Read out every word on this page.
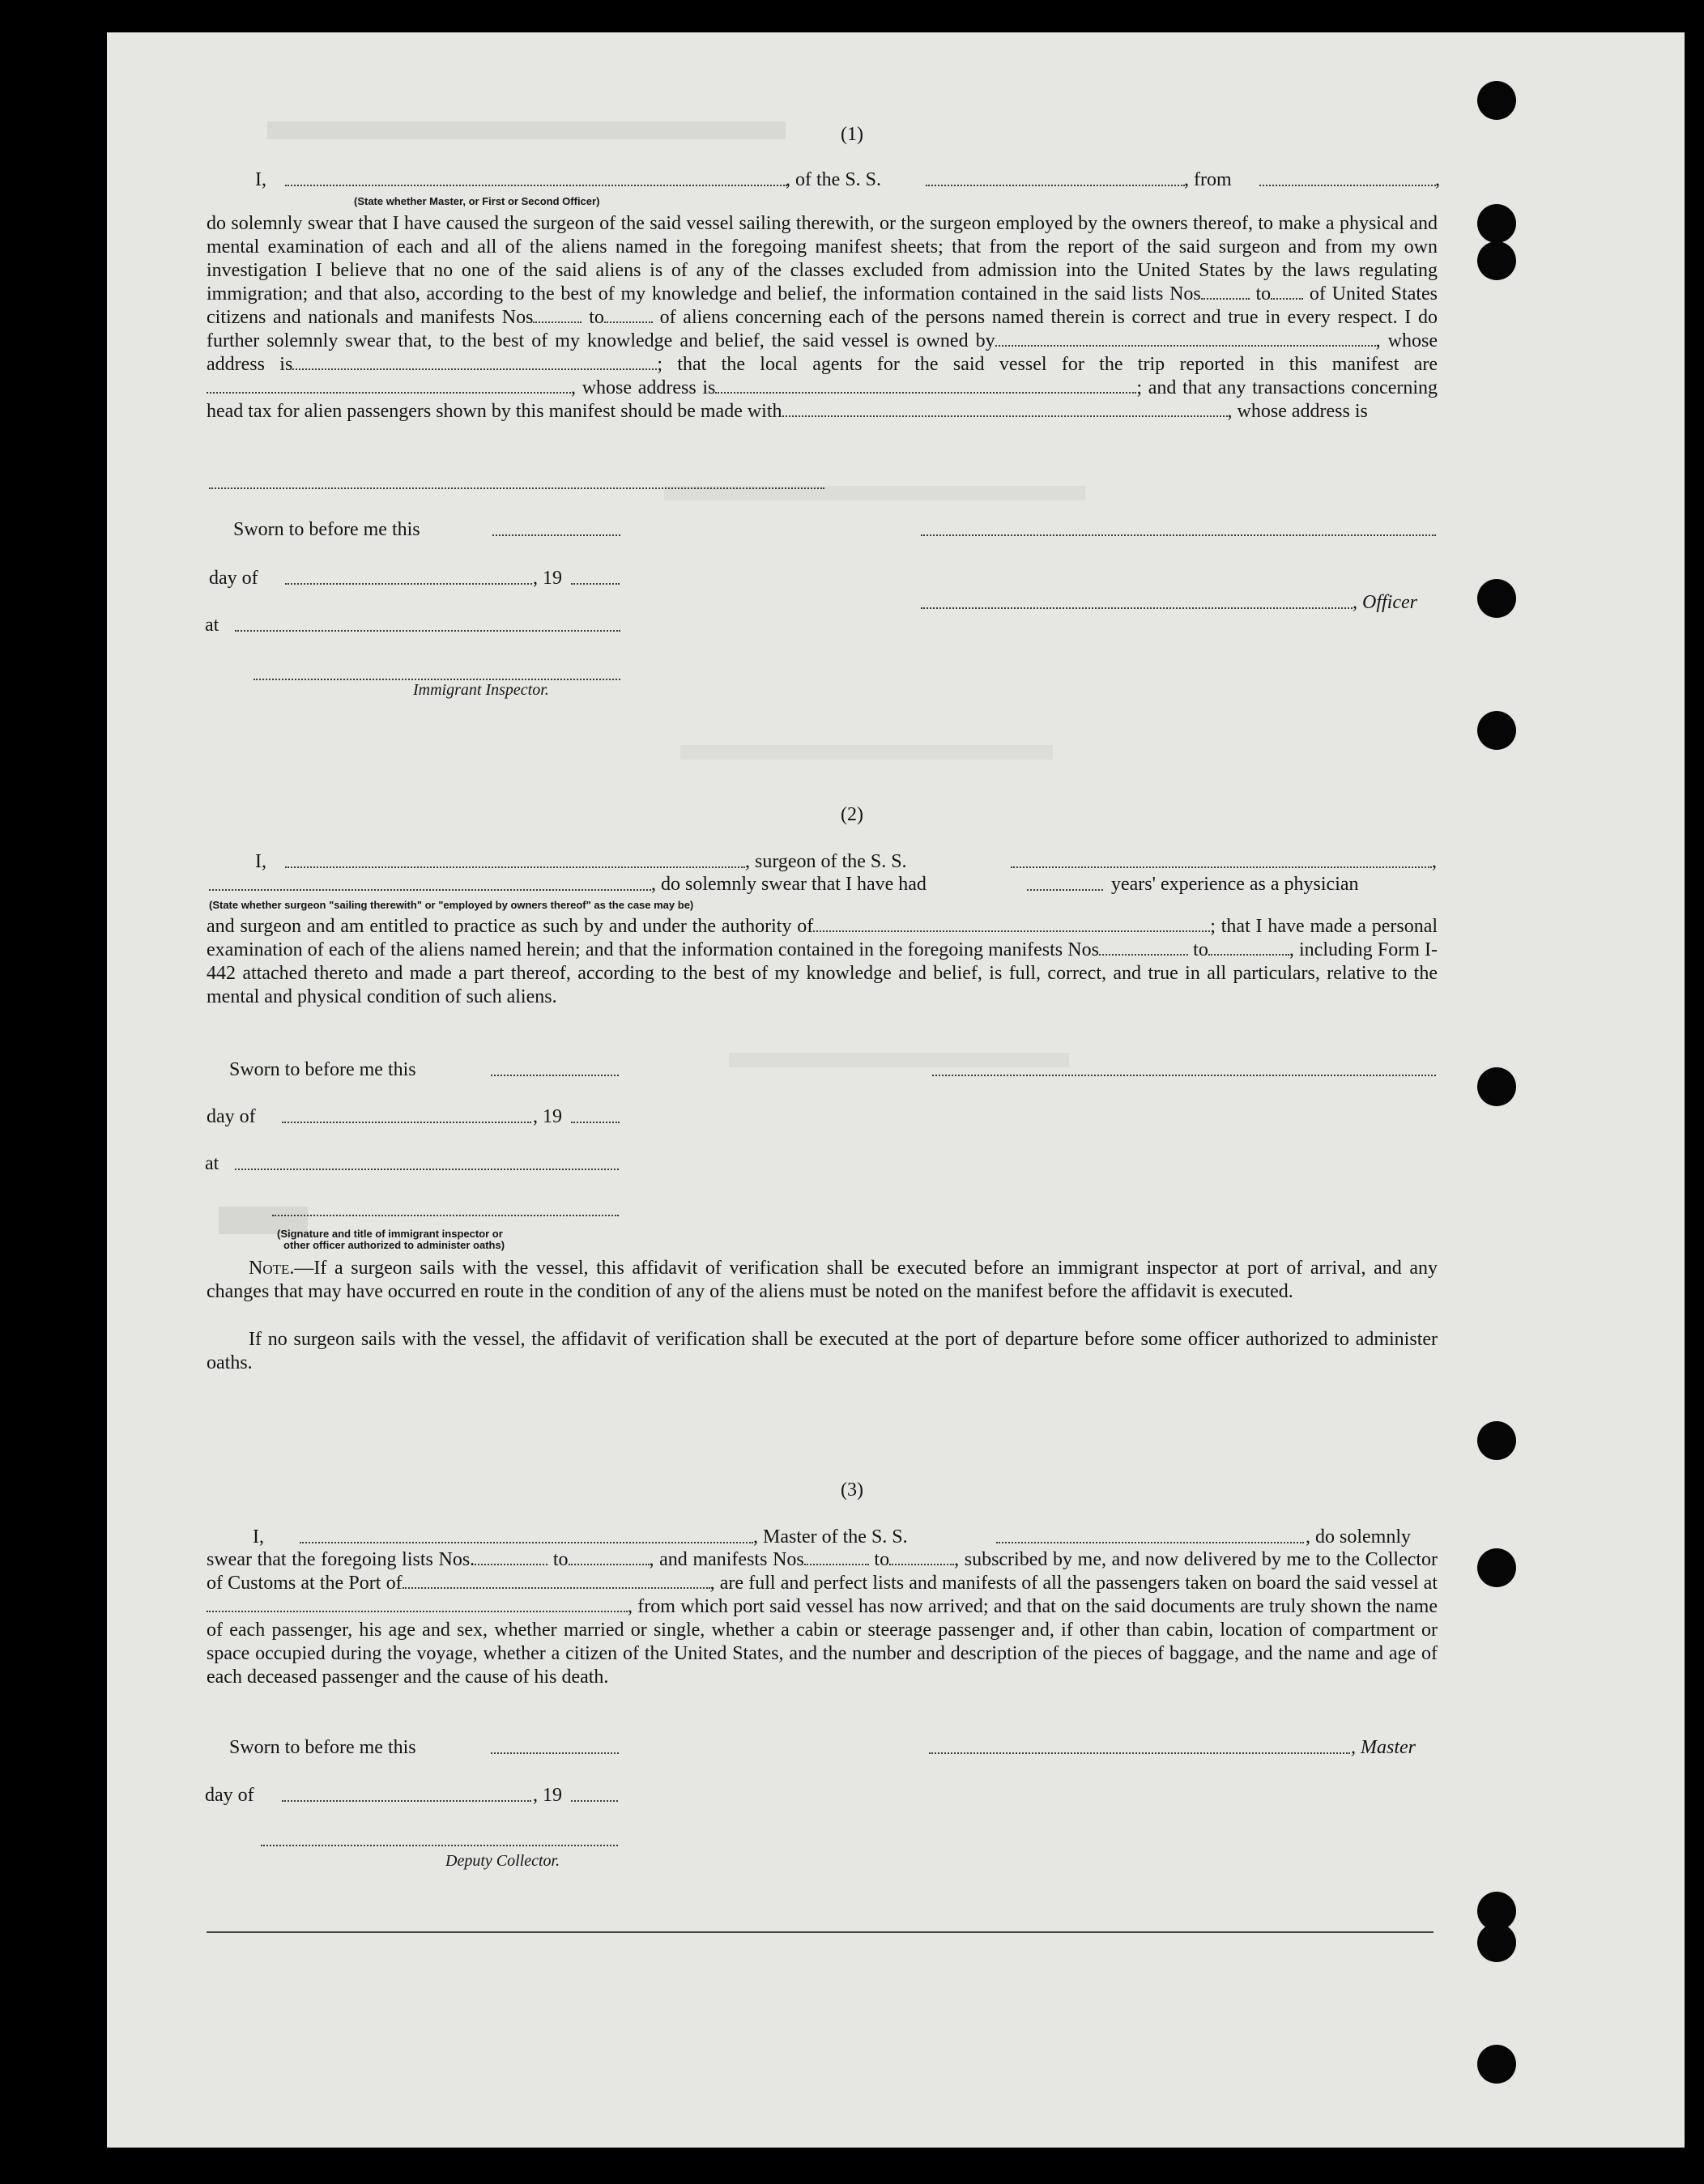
(1)
I,	, of the S. S.	, from	,
(State whether Master, or First or Second Officer)
do solemnly swear that I have caused the surgeon of the said vessel sailing therewith, or the surgeon employed by the owners thereof, to make a physical and mental examination of each and all of the aliens named in the foregoing manifest sheets; that from the report of the said surgeon and from my own investigation I believe that no one of the said aliens is of any of the classes excluded from admission into the United States by the laws regulating immigration; and that also, according to the best of my knowledge and belief, the information contained in the said lists Nos	to of United States citizens and nationals and manifests Nos	to	of aliens concerning each of the persons named therein is correct and true in every respect. I do further solemnly swear that, to the best of my knowledge and belief, the said vessel is owned by	, whose address is	; that the local agents for the said vessel for the trip reported in this manifest are, whose address is	; and that any transactions concerning head tax for alien passengers shown by this manifest should be made with	, whose address is
Sworn to before me this
day of	, 19
, Officer
at
Immigrant Inspector.
(2)
I,	, surgeon of the S. S.	,
, do solemnly swear that I have had	years' experience as a physician
(State whether surgeon "sailing therewith" or "employed by owners thereof" as the case may be)
and surgeon and am entitled to practice as such by and under the authority of	; that I have made a personal examination of each of the aliens named herein; and that the information contained in the foregoing manifests Nos	to	, including Form I-442 attached thereto and made a part thereof, according to the best of my knowledge and belief, is full, correct, and true in all particulars, relative to the mental and physical condition of such aliens.
Sworn to before me this
day of	, 19
at
(Signature and title of immigrant inspector or
other officer authorized to administer oaths)
Note.—If a surgeon sails with the vessel, this affidavit of verification shall be executed before an immigrant inspector at port of arrival, and any changes that may have occurred en route in the condition of any of the aliens must be noted on the manifest before the affidavit is executed.
If no surgeon sails with the vessel, the affidavit of verification shall be executed at the port of departure before some officer authorized to administer oaths.
(3)
I,	, Master of the S. S.	, do solemnly
swear that the foregoing lists Nos.	to	, and manifests Nos	to	, subscribed by me, and now delivered by me to the Collector of Customs at the Port of	, are full and perfect lists and manifests of all the passengers taken on board the said vessel at, from which port said vessel has now arrived; and that on the said documents are truly shown the name of each passenger, his age and sex, whether married or single, whether a cabin or steerage passenger and, if other than cabin, location of compartment or space occupied during the voyage, whether a citizen of the United States, and the number and description of the pieces of baggage, and the name and age of each deceased passenger and the cause of his death.
Sworn to before me this	, Master
day of	, 19
Deputy Collector.
